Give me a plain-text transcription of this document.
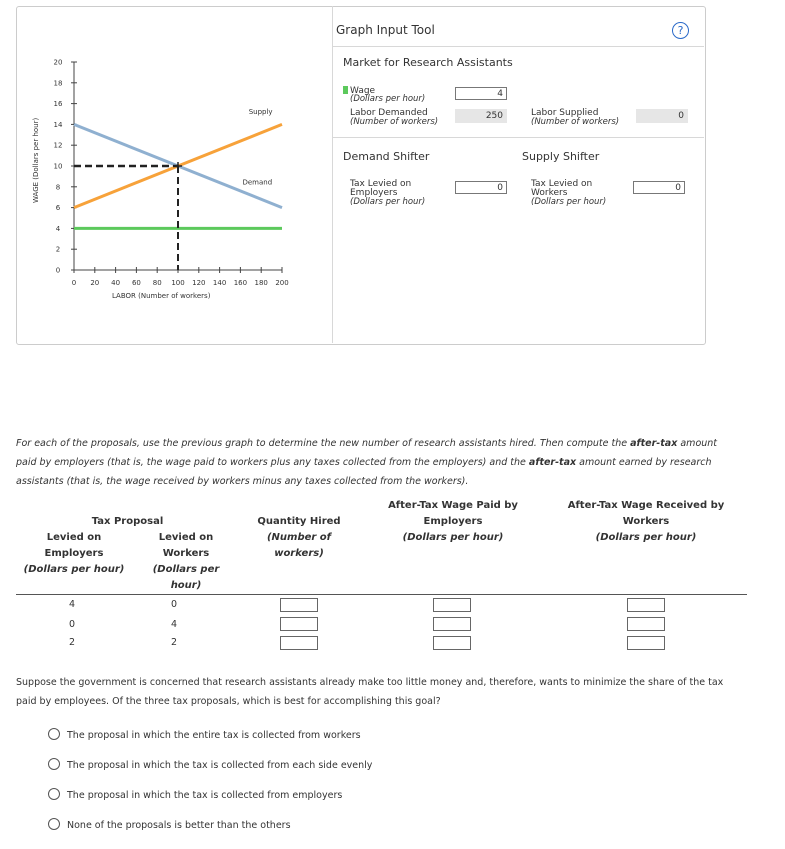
0
2
4
6
8
10
12
14
16
18
20
0 20 40 60 80 100 120 140 160 180 200
WAGE (Dollars per hour)
LABOR (Number of workers)
Supply
Demand
Graph Input Tool	?
Market for Research Assistants
Wage
(Dollars per hour)	4
Labor Demanded
(Number of workers)
250	Labor Supplied
(Number of workers)
0
Demand Shifter	Supply Shifter
Tax Levied on
Employers
(Dollars per hour)
0	Tax Levied on
Workers
(Dollars per hour)
0
For each of the proposals, use the previous graph to determine the new number of research assistants hired. Then compute the after-tax amount paid by employers (that is, the wage paid to workers plus any taxes collected from the employers) and the after-tax amount earned by research assistants (that is, the wage received by workers minus any taxes collected from the workers).
Tax Proposal
Levied on
Employers
(Dollars per hour)
Levied on
Workers
(Dollars per
hour)
Quantity Hired
(Number of
workers)
After-Tax Wage Paid by
Employers
(Dollars per hour)
After-Tax Wage Received by
Workers
(Dollars per hour)
4	0
0	4
2	2
Suppose the government is concerned that research assistants already make too little money and, therefore, wants to minimize the share of the tax paid by employees. Of the three tax proposals, which is best for accomplishing this goal?
The proposal in which the entire tax is collected from workers
The proposal in which the tax is collected from each side evenly
The proposal in which the tax is collected from employers
None of the proposals is better than the others
